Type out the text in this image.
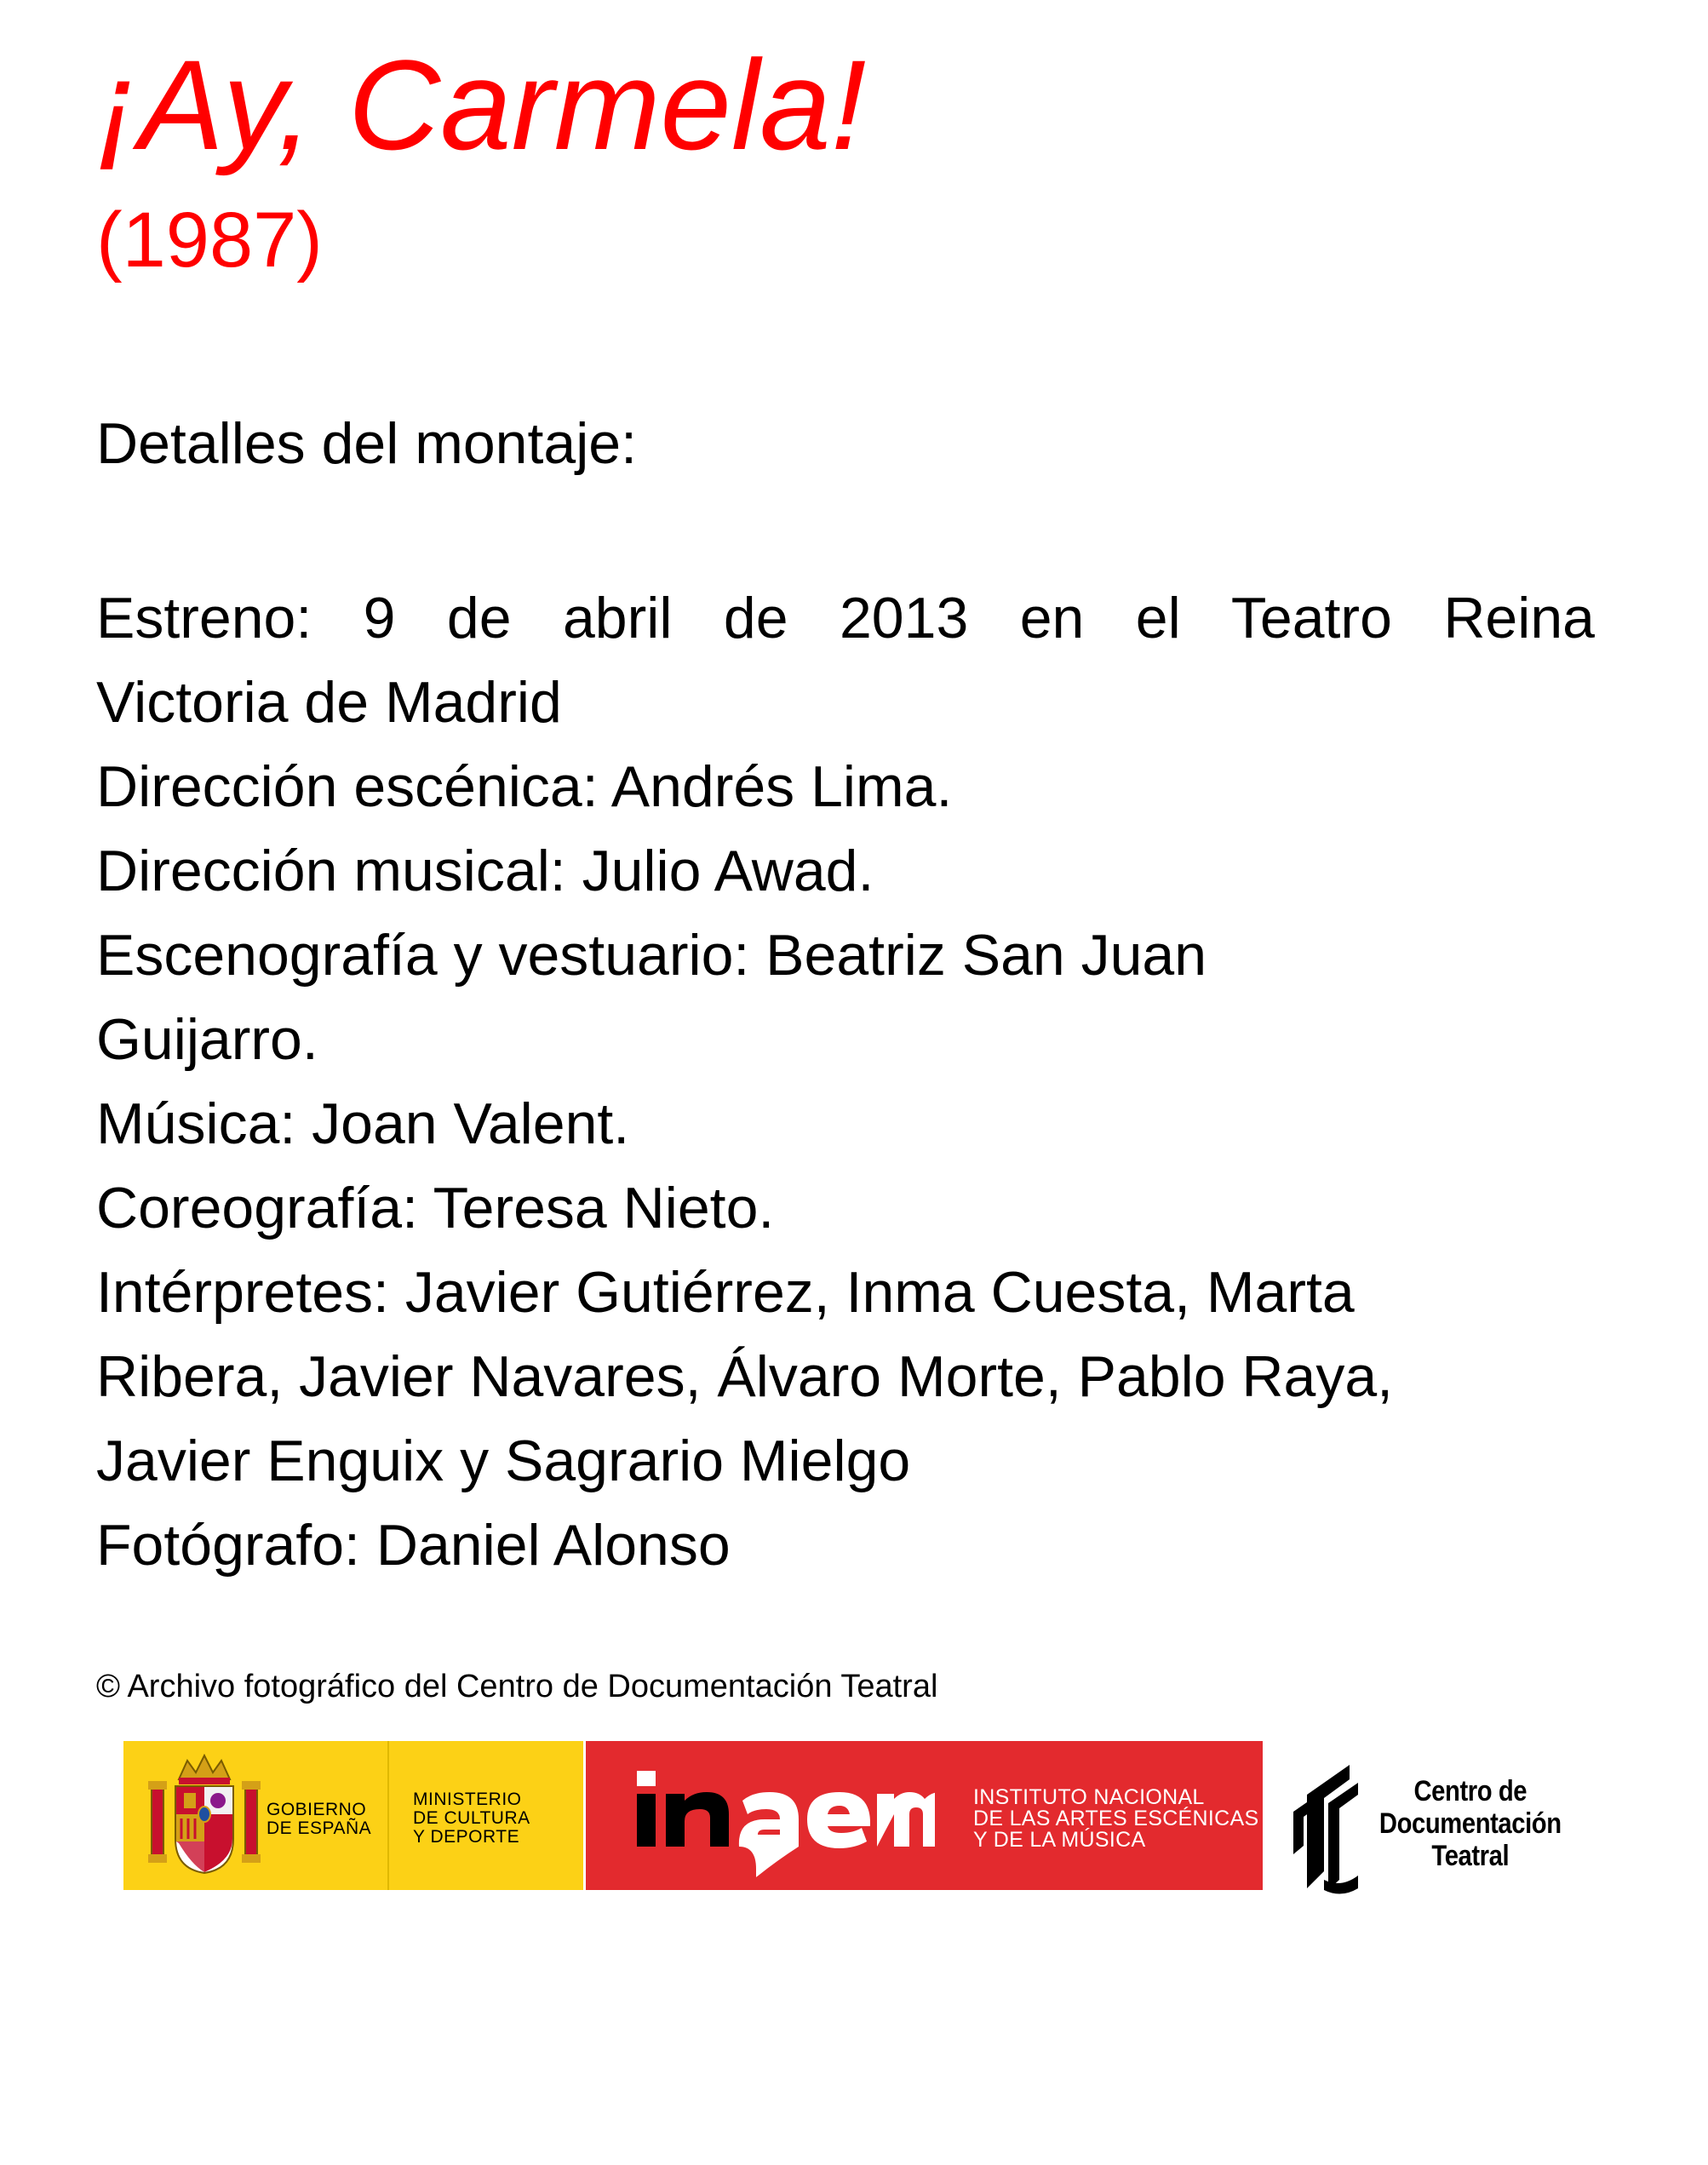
¡Ay, Carmela!
(1987)
Detalles del montaje:
Estreno: 9 de abril de 2013 en el Teatro Reina
Victoria de Madrid
Dirección escénica: Andrés Lima.
Dirección musical: Julio Awad.
Escenografía y vestuario: Beatriz San Juan
Guijarro.
Música: Joan Valent.
Coreografía: Teresa Nieto.
Intérpretes: Javier Gutiérrez, Inma Cuesta, Marta
Ribera, Javier Navares, Álvaro Morte, Pablo Raya,
Javier Enguix y Sagrario Mielgo
Fotógrafo: Daniel Alonso
© Archivo fotográfico del Centro de Documentación Teatral
GOBIERNO
DE ESPAÑA
MINISTERIO
DE CULTURA
Y DEPORTE
INSTITUTO NACIONAL
DE LAS ARTES ESCÉNICAS
Y DE LA MÚSICA
Centro de
Documentación
Teatral
